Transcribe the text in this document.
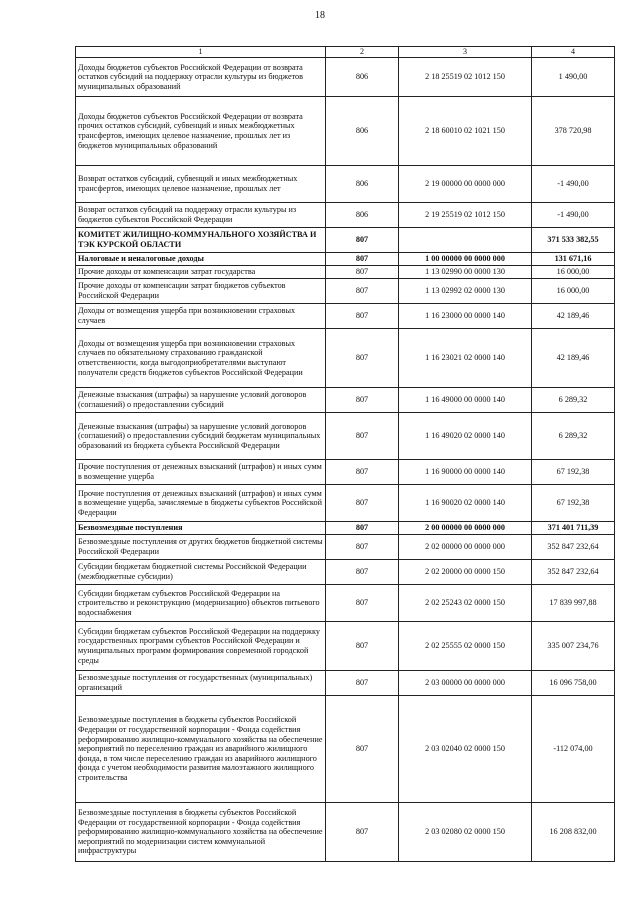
18
1	2	3	4
Доходы бюджетов субъектов Российской Федерации от возврата остатков субсидий на поддержку отрасли культуры из бюджетов муниципальных образований	806	2 18 25519 02 1012 150	1 490,00
Доходы бюджетов субъектов Российской Федерации от возврата прочих остатков субсидий, субвенций и иных межбюджетных трансфертов, имеющих целевое назначение, прошлых лет из бюджетов муниципальных образований	806	2 18 60010 02 1021 150	378 720,98
Возврат остатков субсидий, субвенций и иных межбюджетных трансфертов, имеющих целевое назначение, прошлых лет	806	2 19 00000 00 0000 000	-1 490,00
Возврат остатков субсидий на поддержку отрасли культуры из бюджетов субъектов Российской Федерации	806	2 19 25519 02 1012 150	-1 490,00
КОМИТЕТ ЖИЛИЩНО-КОММУНАЛЬНОГО ХОЗЯЙСТВА И ТЭК КУРСКОЙ ОБЛАСТИ	807		371 533 382,55
Налоговые и неналоговые доходы	807	1 00 00000 00 0000 000	131 671,16
Прочие доходы от компенсации затрат государства	807	1 13 02990 00 0000 130	16 000,00
Прочие доходы от компенсации затрат бюджетов субъектов Российской Федерации	807	1 13 02992 02 0000 130	16 000,00
Доходы от возмещения ущерба при возникновении страховых случаев	807	1 16 23000 00 0000 140	42 189,46
Доходы от возмещения ущерба при возникновении страховых случаев по обязательному страхованию гражданской ответственности, когда выгодоприобретателями выступают получатели средств бюджетов субъектов Российской Федерации	807	1 16 23021 02 0000 140	42 189,46
Денежные взыскания (штрафы) за нарушение условий договоров (соглашений) о предоставлении субсидий	807	1 16 49000 00 0000 140	6 289,32
Денежные взыскания (штрафы) за нарушение условий договоров (соглашений) о предоставлении субсидий бюджетам муниципальных образований из бюджета субъекта Российской Федерации	807	1 16 49020 02 0000 140	6 289,32
Прочие поступления от денежных взысканий (штрафов) и иных сумм в возмещение ущерба	807	1 16 90000 00 0000 140	67 192,38
Прочие поступления от денежных взысканий (штрафов) и иных сумм в возмещение ущерба, зачисляемые в бюджеты субъектов Российской Федерации	807	1 16 90020 02 0000 140	67 192,38
Безвозмездные поступления	807	2 00 00000 00 0000 000	371 401 711,39
Безвозмездные поступления от других бюджетов бюджетной системы Российской Федерации	807	2 02 00000 00 0000 000	352 847 232,64
Субсидии бюджетам бюджетной системы Российской Федерации (межбюджетные субсидии)	807	2 02 20000 00 0000 150	352 847 232,64
Субсидии бюджетам субъектов Российской Федерации на строительство и реконструкцию (модернизацию) объектов питьевого водоснабжения	807	2 02 25243 02 0000 150	17 839 997,88
Субсидии бюджетам субъектов Российской Федерации на поддержку государственных программ субъектов Российской Федерации и муниципальных программ формирования современной городской среды	807	2 02 25555 02 0000 150	335 007 234,76
Безвозмездные поступления от государственных (муниципальных) организаций	807	2 03 00000 00 0000 000	16 096 758,00
Безвозмездные поступления в бюджеты субъектов Российской Федерации от государственной корпорации - Фонда содействия реформированию жилищно-коммунального хозяйства на обеспечение мероприятий по переселению граждан из аварийного жилищного фонда, в том числе переселению граждан из аварийного жилищного фонда с учетом необходимости развития малоэтажного жилищного строительства	807	2 03 02040 02 0000 150	-112 074,00
Безвозмездные поступления в бюджеты субъектов Российской Федерации от государственной корпорации - Фонда содействия реформированию жилищно-коммунального хозяйства на обеспечение мероприятий по модернизации систем коммунальной инфраструктуры	807	2 03 02080 02 0000 150	16 208 832,00
